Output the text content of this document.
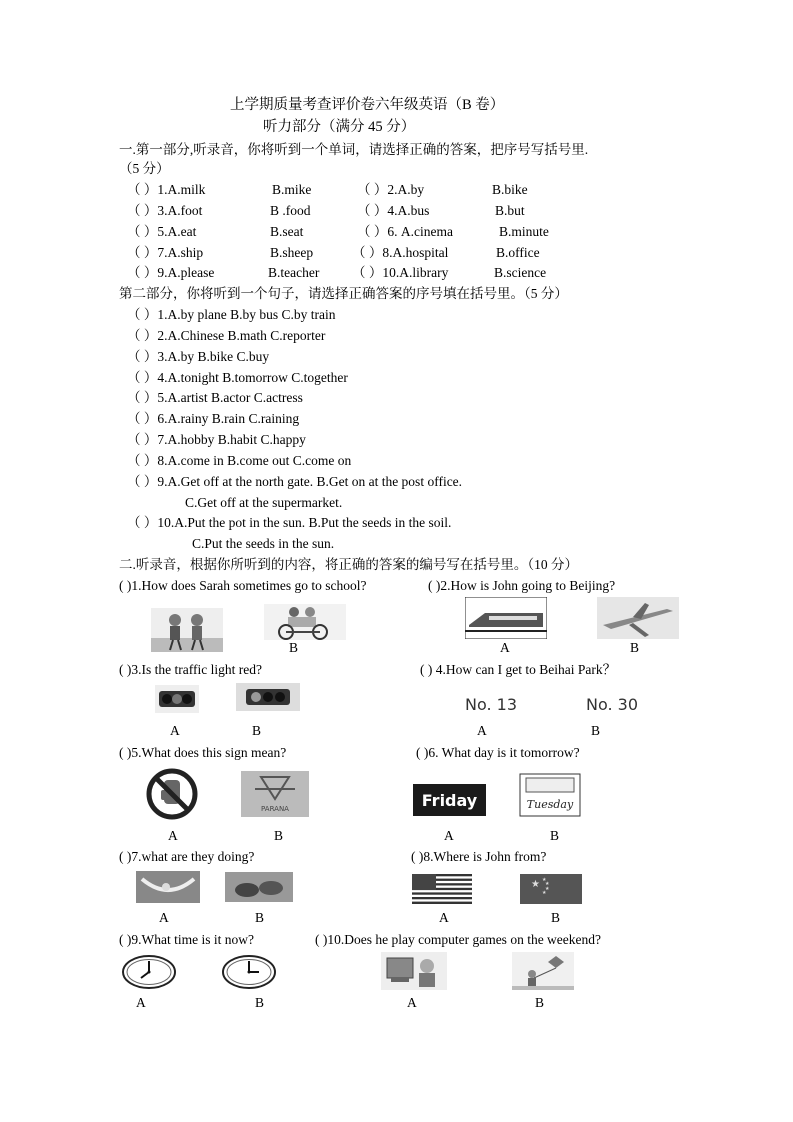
上学期质量考查评价卷六年级英语（B 卷）
听力部分（满分 45 分）
一.第一部分,听录音，你将听到一个单词，请选择正确的答案，把序号写括号里.
（5 分）
（ ）1.A.milk	B.mike	（ ）2.A.by	B.bike
（ ）3.A.foot	B .food	（ ）4.A.bus	B.but
（ ）5.A.eat	B.seat	（ ）6. A.cinema	B.minute
（ ）7.A.ship	B.sheep	（ ）8.A.hospital	B.office
（ ）9.A.please	B.teacher （ ）10.A.library	B.science
第二部分，你将听到一个句子，请选择正确答案的序号填在括号里。（5 分）
（ ）1.A.by plane B.by bus C.by train
（ ）2.A.Chinese B.math C.reporter
（ ）3.A.by B.bike C.buy
（ ）4.A.tonight B.tomorrow C.together
（ ）5.A.artist B.actor C.actress
（ ）6.A.rainy B.rain C.raining
（ ）7.A.hobby B.habit C.happy
（ ）8.A.come in B.come out C.come on
（ ）9.A.Get off at the north gate. B.Get on at the post office.
C.Get off at the supermarket.
（ ）10.A.Put the pot in the sun. B.Put the seeds in the soil.
C.Put the seeds in the sun.
二.听录音，根据你所听到的内容，将正确的答案的编号写在括号里。（10 分）
( )1.How does Sarah sometimes go to school?	( )2.How is John going to Beijing?
B	A	B
( )3.Is the traffic light red?	( ) 4.How can I get to Beihai Park？
A	B
No. 13	No. 30
A	B
( )5.What does this sign mean?	( )6. What day is it tomorrow?
A
PARANA
B
Friday
A
Tuesday
B
( )7.what are they doing?	( )8.Where is John from?
A	B	A
★ ★
★
★
★
B
( )9.What time is it now?	( )10.Does he play computer games on the weekend?
A	B	A	B
